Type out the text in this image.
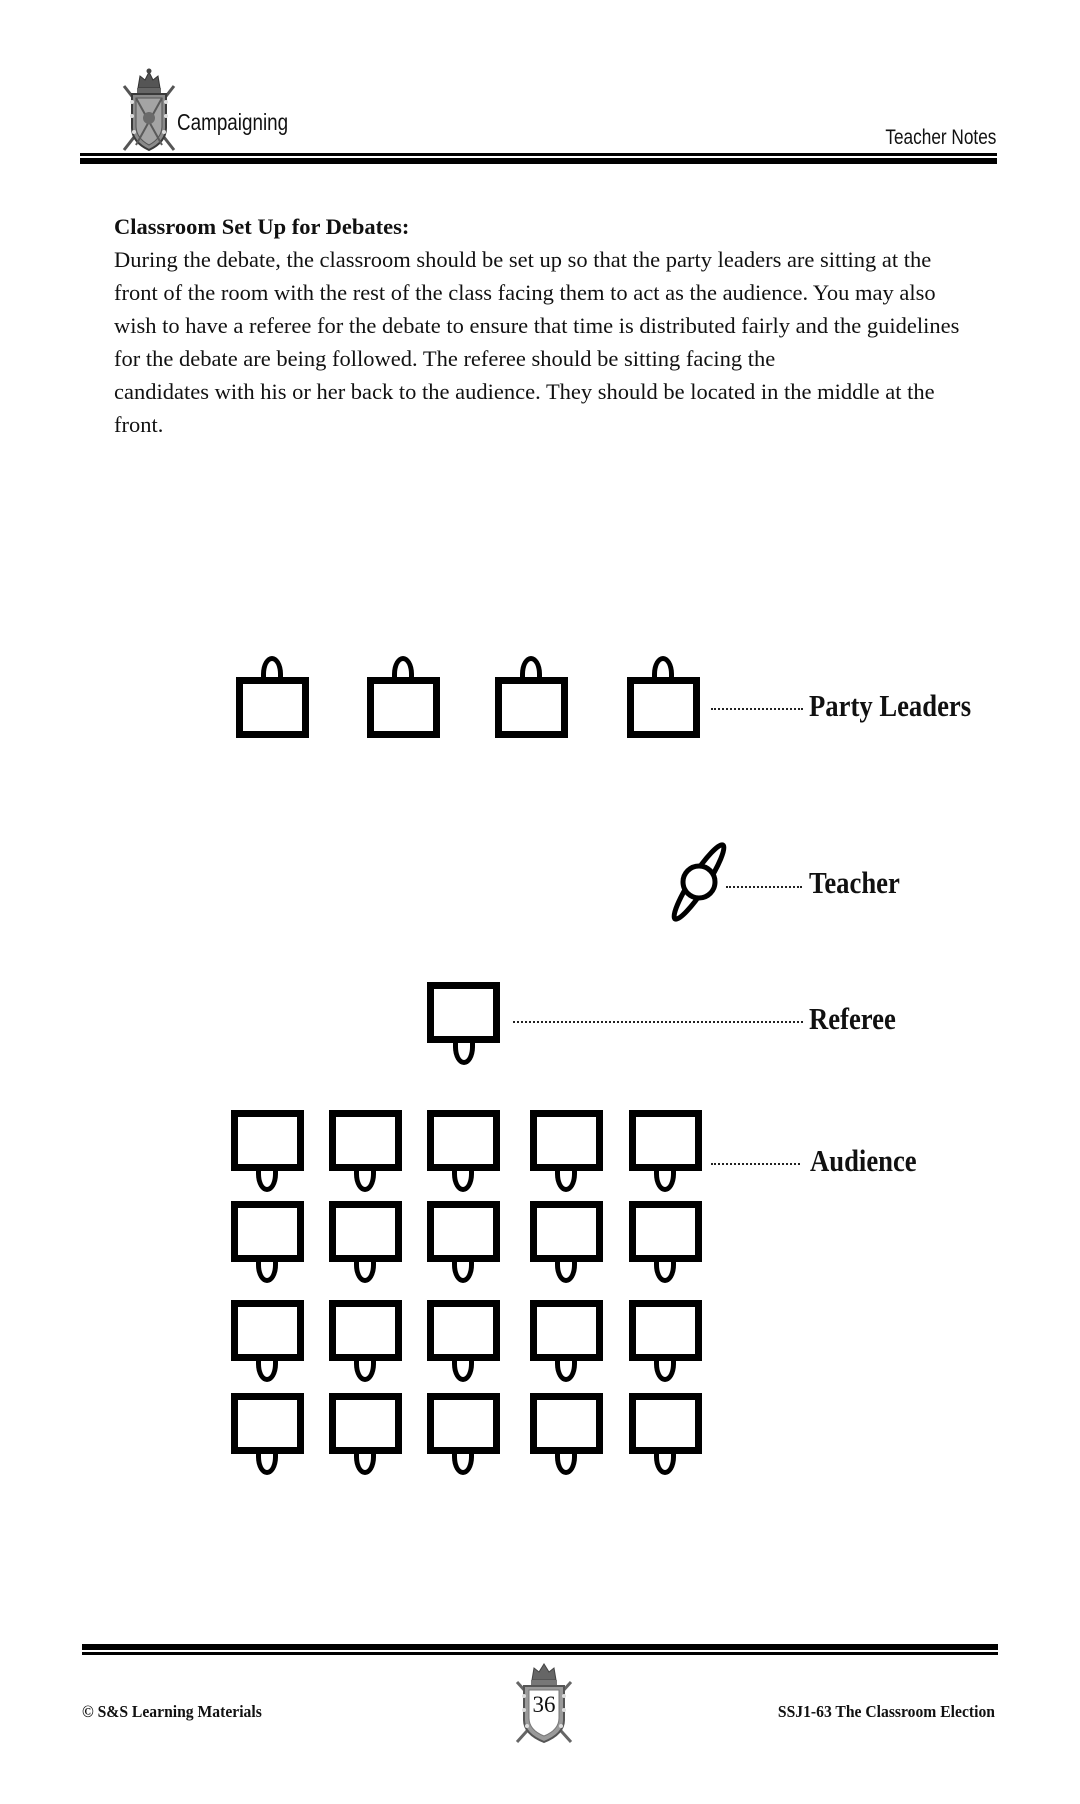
Campaigning
Teacher Notes
Classroom Set Up for Debates:

During the debate, the classroom should be set up so that the party leaders are sitting at the
front of the room with the rest of the class facing them to act as the audience. You may also
wish to have a referee for the debate to ensure that time is distributed fairly and the guidelines
for the debate are being followed. The referee should be sitting facing the
candidates with his or her back to the audience. They should be located in the middle at the
front.

Party Leaders
Teacher
Referee
Audience
© S&S Learning Materials	36	SSJ1-63 The Classroom Election
